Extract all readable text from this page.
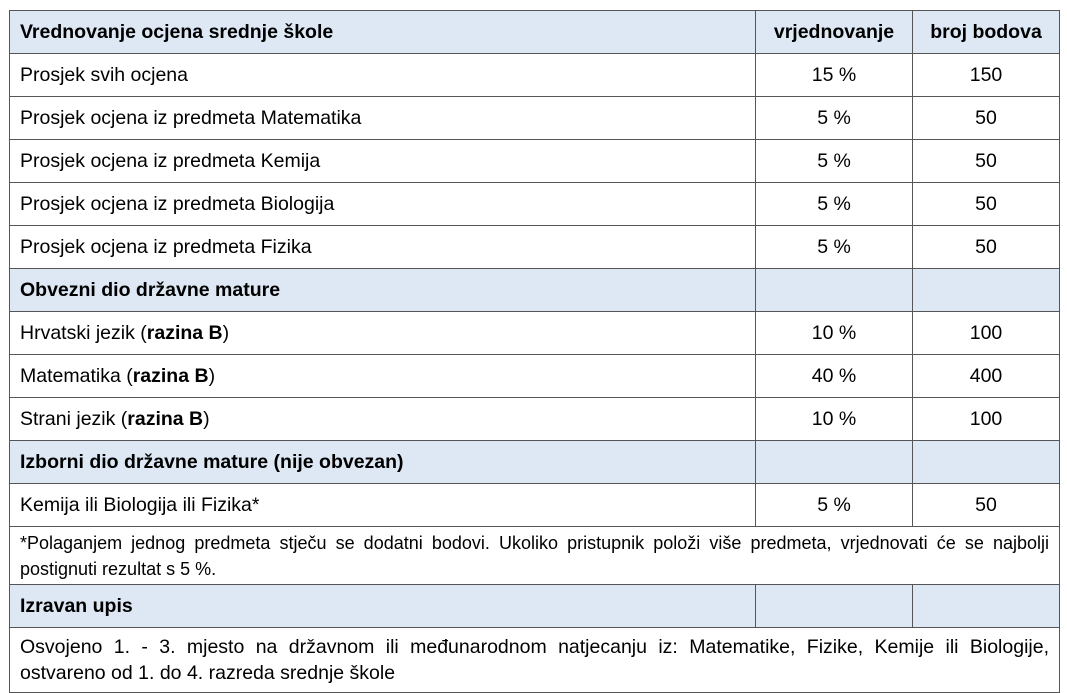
Vrednovanje ocjena srednje škole	vrjednovanje	broj bodova
Prosjek svih ocjena	15 %	150
Prosjek ocjena iz predmeta Matematika	5 %	50
Prosjek ocjena iz predmeta Kemija	5 %	50
Prosjek ocjena iz predmeta Biologija	5 %	50
Prosjek ocjena iz predmeta Fizika	5 %	50
Obvezni dio državne mature		
Hrvatski jezik (razina B)	10 %	100
Matematika (razina B)	40 %	400
Strani jezik (razina B)	10 %	100
Izborni dio državne mature (nije obvezan)		
Kemija ili Biologija ili Fizika*	5 %	50
*Polaganjem jednog predmeta stječu se dodatni bodovi. Ukoliko pristupnik položi više predmeta, vrjednovati će se najbolji postignuti rezultat s 5 %.		
Izravan upis		
Osvojeno 1. - 3. mjesto na državnom ili međunarodnom natjecanju iz: Matematike, Fizike, Kemije ili Biologije, ostvareno od 1. do 4. razreda srednje škole		
